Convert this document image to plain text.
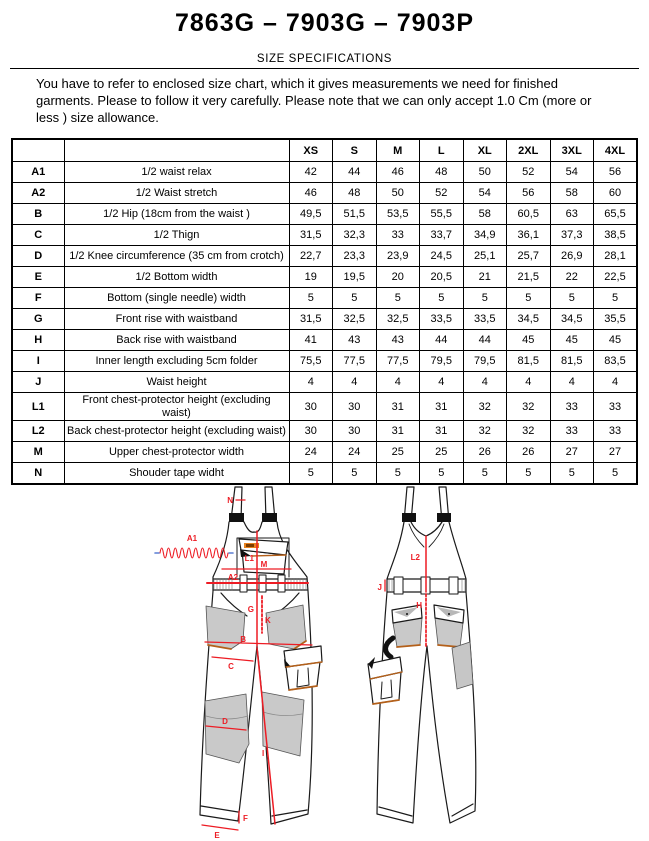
7863G – 7903G – 7903P
SIZE SPECIFICATIONS

You have to refer to enclosed size chart, which it gives measurements we need for finished garments. Please to follow it very carefully. Please note that we can only accept 1.0 Cm (more or less ) size allowance.

		XS	S	M	L	XL	2XL	3XL	4XL
A1	1/2 waist relax	42	44	46	48	50	52	54	56
A2	1/2 Waist stretch	46	48	50	52	54	56	58	60
B	1/2 Hip (18cm from the waist )	49,5	51,5	53,5	55,5	58	60,5	63	65,5
C	1/2 Thign	31,5	32,3	33	33,7	34,9	36,1	37,3	38,5
D	1/2 Knee circumference (35 cm from crotch)	22,7	23,3	23,9	24,5	25,1	25,7	26,9	28,1
E	1/2 Bottom width	19	19,5	20	20,5	21	21,5	22	22,5
F	Bottom (single needle) width	5	5	5	5	5	5	5	5
G	Front rise with waistband	31,5	32,5	32,5	33,5	33,5	34,5	34,5	35,5
H	Back rise with waistband	41	43	43	44	44	45	45	45
I	Inner length excluding 5cm folder	75,5	77,5	77,5	79,5	79,5	81,5	81,5	83,5
J	Waist height	4	4	4	4	4	4	4	4
L1	Front chest-protector height (excluding waist)	30	30	31	31	32	32	33	33
L2	Back chest-protector height (excluding waist)	30	30	31	31	32	32	33	33
M	Upper chest-protector width	24	24	25	25	26	26	27	27
N	Shouder tape widht	5	5	5	5	5	5	5	5
N
A1
L1
M
A2
G
K
B
C
D
I
F
E
L2
J
H
